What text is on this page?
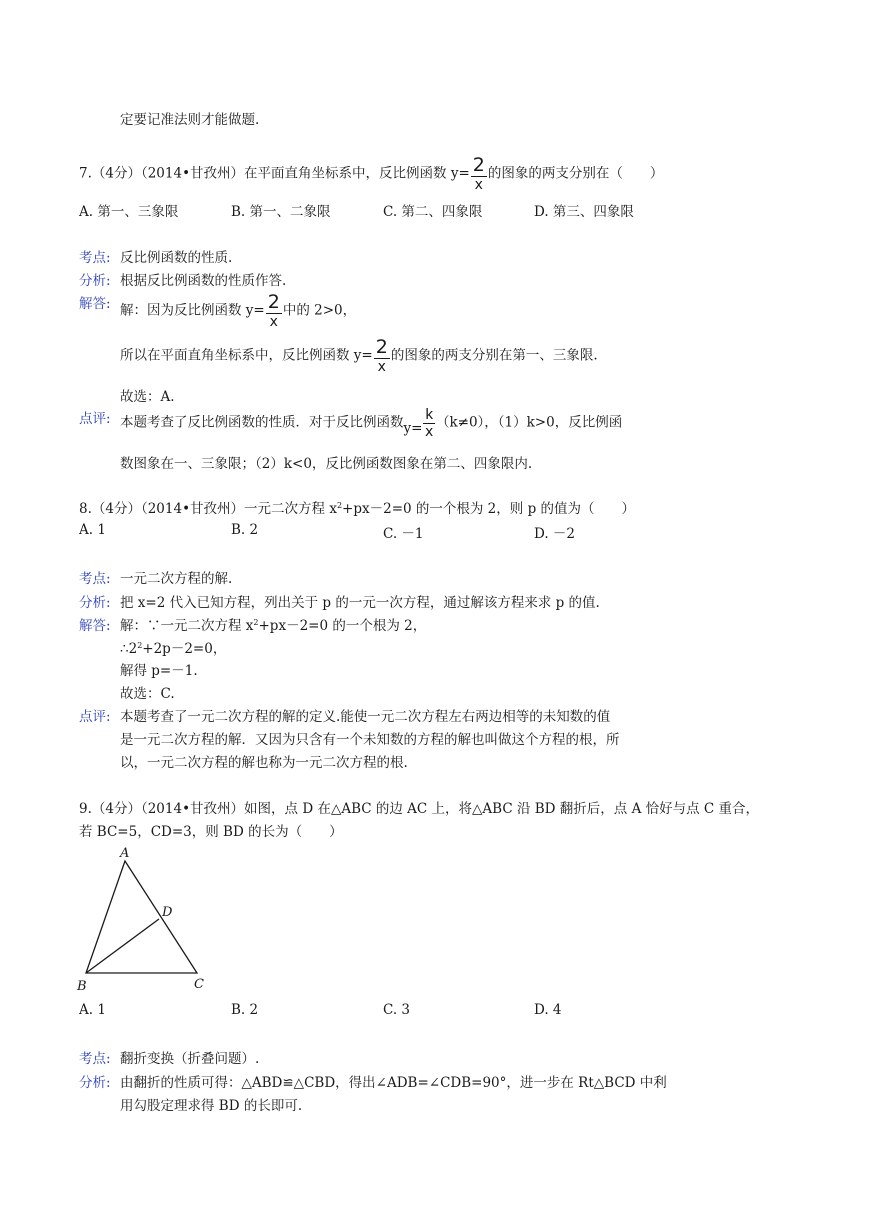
定要记准法则才能做题.
7.（4分）（2014•甘孜州）在平面直角坐标系中，反比例函数 $y= \frac{2}{x}$ 的图象的两支分别在（　　）
A. 第一、三象限	B. 第一、二象限	C. 第二、四象限	D. 第三、四象限
考点: 反比例函数的性质.
分析: 根据反比例函数的性质作答.
解答: 解：因为反比例函数 $y= \frac{2}{x}$ 中的 2>0，
所以在平面直角坐标系中，反比例函数 $y= \frac{2}{x}$ 的图象的两支分别在第一、三象限.
故选：A.
点评: 本题考查了反比例函数的性质．对于反比例函数$y= \frac{k}{x} (k\ne 0)$，（1）k>0，反比例函
数图象在一、三象限；（2）k<0，反比例函数图象在第二、四象限内.
8.（4分）（2014•甘孜州）一元二次方程 $x^2+px-2=0$ 的一个根为 2，则 p 的值为（　　）
A. 1	B. 2	C. －1	D. －2
考点: 一元二次方程的解.
分析: 把 x=2 代入已知方程，列出关于 p 的一元一次方程，通过解该方程来求 p 的值.
解答: 解：∵一元二次方程 $x^2+px-2=0$ 的一个根为 2，
$\therefore 2^2+2p-2=0$，
解得 p=－1.
故选：C.
点评: 本题考查了一元二次方程的解的定义.能使一元二次方程左右两边相等的未知数的值
是一元二次方程的解．又因为只含有一个未知数的方程的解也叫做这个方程的根，所
以，一元二次方程的解也称为一元二次方程的根.
9.（4分）（2014•甘孜州）如图，点 D 在△ABC 的边 AC 上，将△ABC 沿 BD 翻折后，点 A 恰好与点 C 重合，
若 BC=5，CD=3，则 BD 的长为（　　）
A
B	C
D
A. 1	B. 2	C. 3	D. 4
考点: 翻折变换（折叠问题）.
分析: 由翻折的性质可得：△ABD≌△CBD，得出∠ADB=∠CDB=90°，进一步在 Rt△BCD 中利
用勾股定理求得 BD 的长即可.
